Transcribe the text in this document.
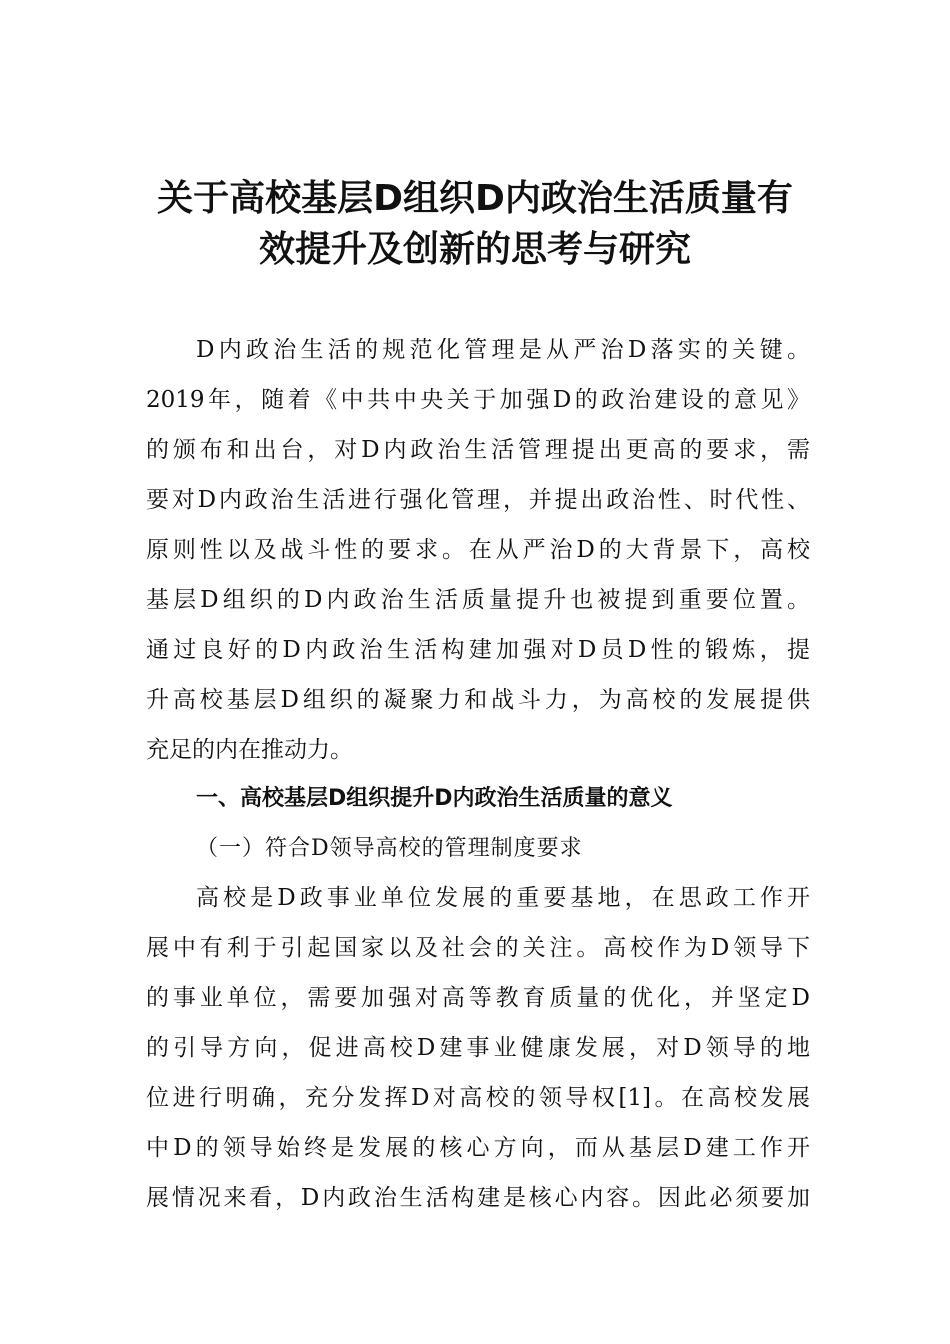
关于高校基层D组织D内政治生活质量有
效提升及创新的思考与研究
D内政治生活的规范化管理是从严治D落实的关键。
2019年，随着《中共中央关于加强D的政治建设的意见》
的颁布和出台，对D内政治生活管理提出更高的要求，需
要对D内政治生活进行强化管理，并提出政治性、时代性、
原则性以及战斗性的要求。在从严治D的大背景下，高校
基层D组织的D内政治生活质量提升也被提到重要位置。
通过良好的D内政治生活构建加强对D员D性的锻炼，提
升高校基层D组织的凝聚力和战斗力，为高校的发展提供
充足的内在推动力。
一、高校基层D组织提升D内政治生活质量的意义
（一）符合D领导高校的管理制度要求
高校是D政事业单位发展的重要基地，在思政工作开
展中有利于引起国家以及社会的关注。高校作为D领导下
的事业单位，需要加强对高等教育质量的优化，并坚定D
的引导方向，促进高校D建事业健康发展，对D领导的地
位进行明确，充分发挥D对高校的领导权[1]。在高校发展
中D的领导始终是发展的核心方向，而从基层D建工作开
展情况来看，D内政治生活构建是核心内容。因此必须要加
